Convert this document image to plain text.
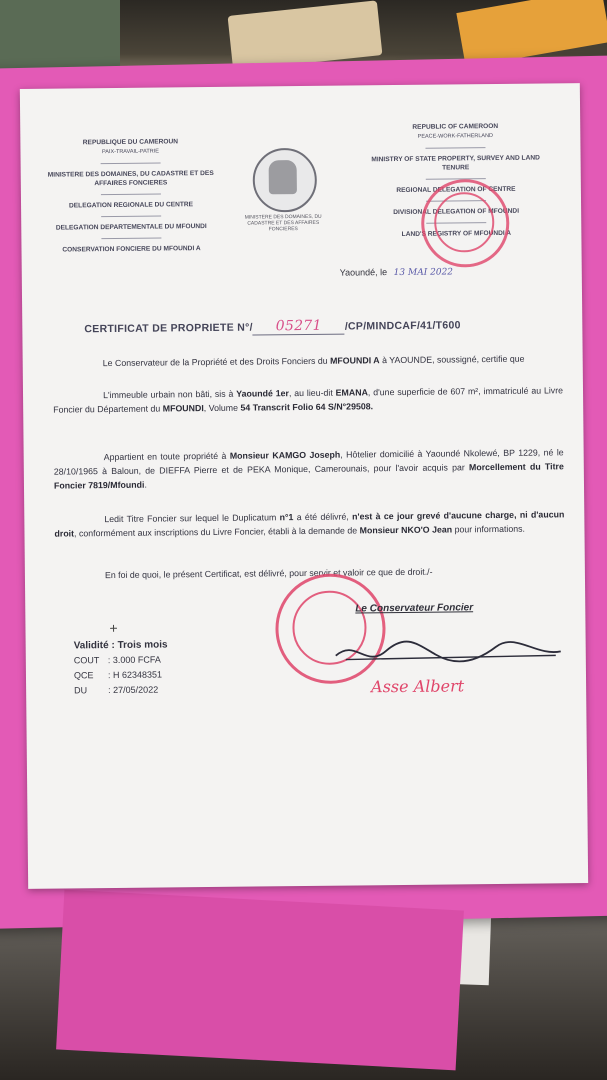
REPUBLIQUE DU CAMEROUN
PAIX-TRAVAIL-PATRIE
MINISTERE DES DOMAINES, DU CADASTRE ET DES AFFAIRES FONCIERES
DELEGATION REGIONALE DU CENTRE
DELEGATION DEPARTEMENTALE DU MFOUNDI
CONSERVATION FONCIERE DU MFOUNDI A
MINISTERE DES DOMAINES, DU CADASTRE ET DES AFFAIRES FONCIERES
REPUBLIC OF CAMEROON
PEACE-WORK-FATHERLAND
MINISTRY OF STATE PROPERTY, SURVEY AND LAND TENURE
REGIONAL DELEGATION OF CENTRE
DIVISIONAL DELEGATION OF MFOUNDI
LAND'S REGISTRY OF MFOUNDI A
Yaoundé, le 13 MAI 2022
CERTIFICAT DE PROPRIETE N°/ 05271 /CP/MINDCAF/41/T600
Le Conservateur de la Propriété et des Droits Fonciers du MFOUNDI A à YAOUNDE, soussigné, certifie que
L'immeuble urbain non bâti, sis à Yaoundé 1er, au lieu-dit EMANA, d'une superficie de 607 m², immatriculé au Livre Foncier du Département du MFOUNDI, Volume 54 Transcrit Folio 64 S/N°29508.
Appartient en toute propriété à Monsieur KAMGO Joseph, Hôtelier domicilié à Yaoundé Nkolewé, BP 1229, né le 28/10/1965 à Baloun, de DIEFFA Pierre et de PEKA Monique, Camerounais, pour l'avoir acquis par Morcellement du Titre Foncier 7819/Mfoundi.
Ledit Titre Foncier sur lequel le Duplicatum n°1 a été délivré, n'est à ce jour grevé d'aucune charge, ni d'aucun droit, conformément aux inscriptions du Livre Foncier, établi à la demande de Monsieur NKO'O Jean pour informations.
En foi de quoi, le présent Certificat, est délivré, pour servir et valoir ce que de droit./-
Le Conservateur Foncier
Asse Albert
+
Validité : Trois mois
COUT : 3.000 FCFA
QCE : H 62348351
DU : 27/05/2022
